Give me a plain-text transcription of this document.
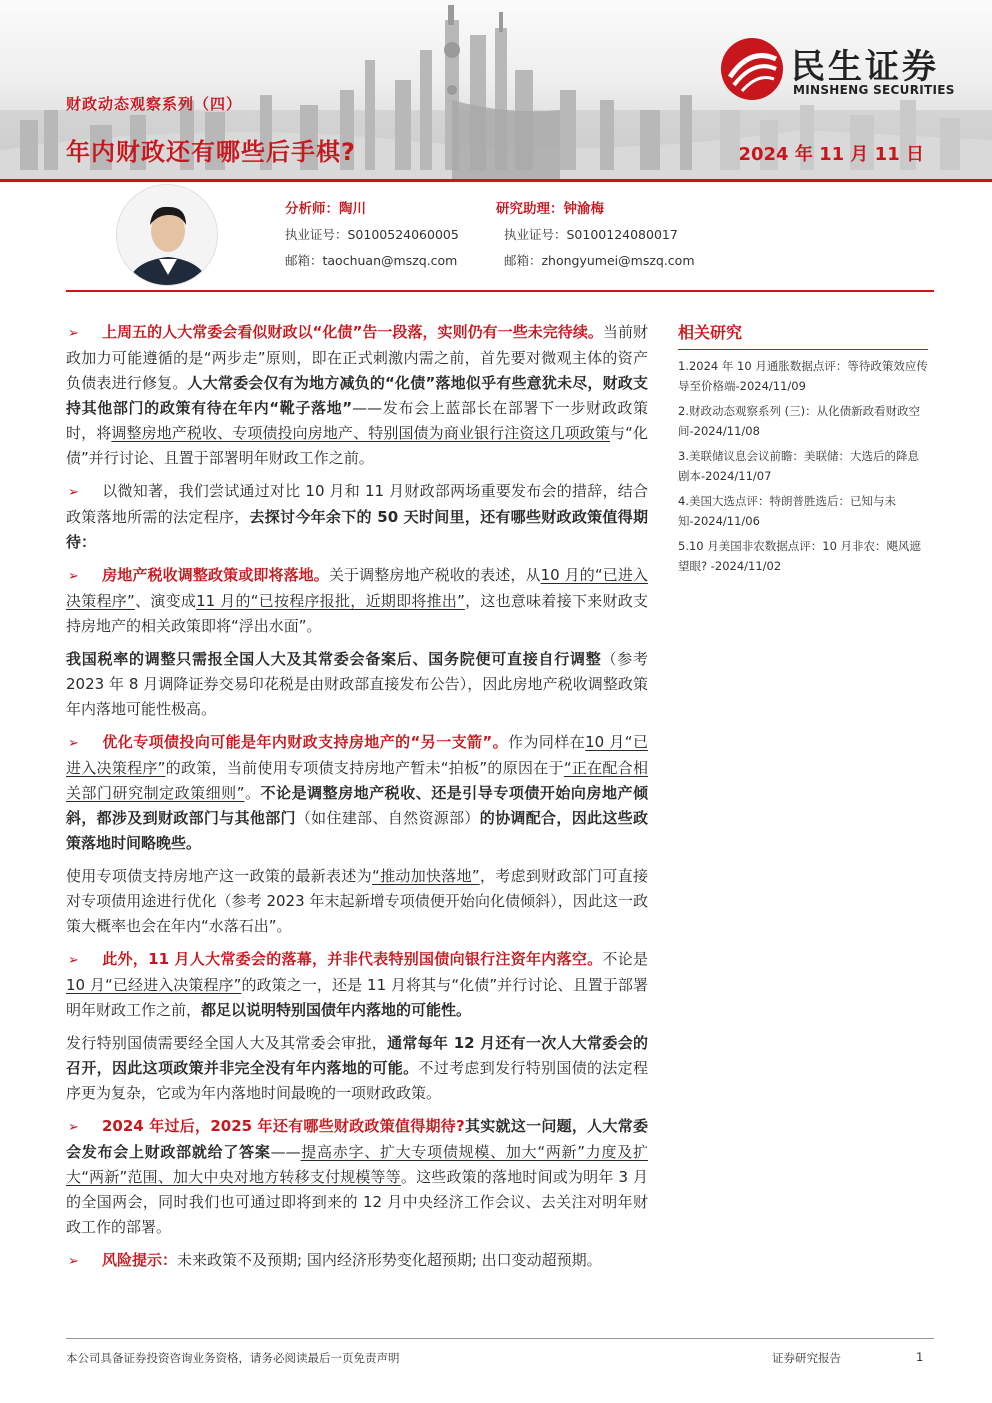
财政动态观察系列（四）
年内财政还有哪些后手棋?	2024 年 11 月 11 日
民生证券
MINSHENG SECURITIES
分析师：陶川
执业证号：S0100524060005
邮箱：taochuan@mszq.com
研究助理：钟渝梅
执业证号：S0100124080017
邮箱：zhongyumei@mszq.com
➢ 上周五的人大常委会看似财政以“化债”告一段落，实则仍有一些未完待续。当前财政加力可能遵循的是“两步走”原则，即在正式刺激内需之前，首先要对微观主体的资产负债表进行修复。人大常委会仅有为地方减负的“化债”落地似乎有些意犹未尽，财政支持其他部门的政策有待在年内“靴子落地”——发布会上蓝部长在部署下一步财政政策时，将调整房地产税收、专项债投向房地产、特别国债为商业银行注资这几项政策与“化债”并行讨论、且置于部署明年财政工作之前。
➢ 以微知著，我们尝试通过对比 10 月和 11 月财政部两场重要发布会的措辞，结合政策落地所需的法定程序，去探讨今年余下的 50 天时间里，还有哪些财政政策值得期待：
➢ 房地产税收调整政策或即将落地。关于调整房地产税收的表述，从10 月的“已进入决策程序”、演变成11 月的“已按程序报批，近期即将推出”，这也意味着接下来财政支持房地产的相关政策即将“浮出水面”。
我国税率的调整只需报全国人大及其常委会备案后、国务院便可直接自行调整（参考 2023 年 8 月调降证券交易印花税是由财政部直接发布公告），因此房地产税收调整政策年内落地可能性极高。
➢ 优化专项债投向可能是年内财政支持房地产的“另一支箭”。作为同样在10 月“已进入决策程序”的政策，当前使用专项债支持房地产暂未“拍板”的原因在于“正在配合相关部门研究制定政策细则”。不论是调整房地产税收、还是引导专项债开始向房地产倾斜，都涉及到财政部门与其他部门（如住建部、自然资源部）的协调配合，因此这些政策落地时间略晚些。
使用专项债支持房地产这一政策的最新表述为“推动加快落地”，考虑到财政部门可直接对专项债用途进行优化（参考 2023 年末起新增专项债便开始向化债倾斜），因此这一政策大概率也会在年内“水落石出”。
➢ 此外，11 月人大常委会的落幕，并非代表特别国债向银行注资年内落空。不论是10 月“已经进入决策程序”的政策之一，还是 11 月将其与“化债”并行讨论、且置于部署明年财政工作之前，都足以说明特别国债年内落地的可能性。
发行特别国债需要经全国人大及其常委会审批，通常每年 12 月还有一次人大常委会的召开，因此这项政策并非完全没有年内落地的可能。不过考虑到发行特别国债的法定程序更为复杂，它或为年内落地时间最晚的一项财政政策。
➢ 2024 年过后，2025 年还有哪些财政政策值得期待?其实就这一问题，人大常委会发布会上财政部就给了答案——提高赤字、扩大专项债规模、加大“两新”力度及扩大“两新”范围、加大中央对地方转移支付规模等等。这些政策的落地时间或为明年 3 月的全国两会，同时我们也可通过即将到来的 12 月中央经济工作会议、去关注对明年财政工作的部署。
➢ 风险提示：未来政策不及预期; 国内经济形势变化超预期; 出口变动超预期。
相关研究
1.2024 年 10 月通胀数据点评：等待政策效应传导至价格端-2024/11/09
2.财政动态观察系列 (三)：从化债新政看财政空间-2024/11/08
3.美联储议息会议前瞻：美联储：大选后的降息剧本-2024/11/07
4.美国大选点评：特朗普胜选后：已知与未知-2024/11/06
5.10 月美国非农数据点评：10 月非农：飓风遮望眼? -2024/11/02
本公司具备证券投资咨询业务资格，请务必阅读最后一页免责声明	证券研究报告	1
